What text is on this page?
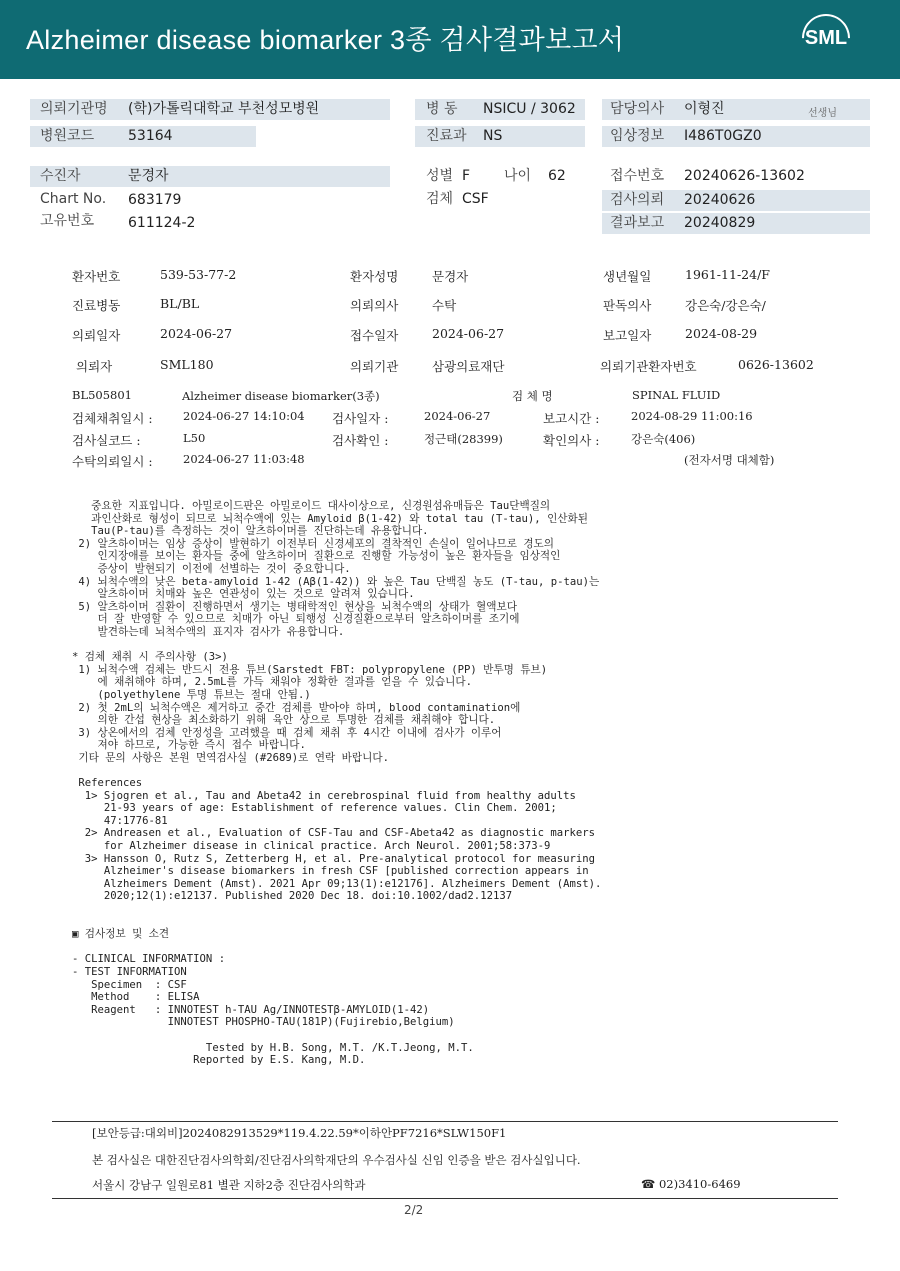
Alzheimer disease biomarker 3종 검사결과보고서	SML
의뢰기관명 (학)가톨릭대학교 부천성모병원	병 동 NSICU / 3062 담당의사 이형진	선생님
병원코드 53164	진료과 NS	임상정보 I486T0GZ0
수진자	문경자	성별 F 나이 62	접수번호 20240626-13602
Chart No. 683179	검체 CSF	검사의뢰 20240626
고유번호 611124-2	결과보고 20240829
환자번호	539-53-77-2	환자성명	문경자	생년월일	1961-11-24/F
진료병동	BL/BL	의뢰의사	수탁	판독의사	강은숙/강은숙/
의뢰일자	2024-06-27	접수일자	2024-06-27	보고일자	2024-08-29
의뢰자	SML180	의뢰기관	삼광의료재단	의뢰기관환자번호	0626-13602
BL505801	Alzheimer disease biomarker(3종)	검 체 명	SPINAL FLUID
검체채취일시 :	2024-06-27 14:10:04 검사일자 :	2024-06-27	보고시간 :	2024-08-29 11:00:16
검사실코드 :	L50	검사확인 :	정근태(28399)	확인의사 :	강은숙(406)
수탁의뢰일시 :	2024-06-27 11:03:48	(전자서명 대체함)
중요한 지표입니다. 아밀로이드판은 아밀로이드 대사이상으로, 신경원섬유매듭은 Tau단백질의
과인산화로 형성이 되므로 뇌척수액에 있는 Amyloid β(1-42) 와 total tau (T-tau), 인산화된
Tau(P-tau)를 측정하는 것이 알츠하이머를 진단하는데 유용합니다.
2) 알츠하이머는 임상 증상이 발현하기 이전부터 신경세포의 결착적인 손실이 일어나므로 경도의
인지장애를 보이는 환자들 중에 알츠하이머 질환으로 진행할 가능성이 높은 환자들을 임상적인
증상이 발현되기 이전에 선별하는 것이 중요합니다.
4) 뇌척수액의 낮은 beta-amyloid 1-42 (Aβ(1-42)) 와 높은 Tau 단백질 농도 (T-tau, p-tau)는
알츠하이머 치매와 높은 연관성이 있는 것으로 알려져 있습니다.
5) 알츠하이머 질환이 진행하면서 생기는 병태학적인 현상을 뇌척수액의 상태가 혈액보다
더 잘 반영할 수 있으므로 치매가 아닌 퇴행성 신경질환으로부터 알츠하이머를 조기에
발견하는데 뇌척수액의 표지자 검사가 유용합니다.

* 검체 채취 시 주의사항 (3>)
1) 뇌척수액 검체는 반드시 전용 튜브(Sarstedt FBT: polypropylene (PP) 반투명 튜브)
에 채취해야 하며, 2.5mL를 가득 채워야 정확한 결과를 얻을 수 있습니다.
(polyethylene 투명 튜브는 절대 안됨.)
2) 첫 2mL의 뇌척수액은 제거하고 중간 검체를 받아야 하며, blood contamination에
의한 간섭 현상을 최소화하기 위해 육안 상으로 투명한 검체를 채취해야 합니다.
3) 상온에서의 검체 안정성을 고려했을 때 검체 채취 후 4시간 이내에 검사가 이루어
져야 하므로, 가능한 즉시 접수 바랍니다.
기타 문의 사항은 본원 면역검사실 (#2689)로 연락 바랍니다.

References
1> Sjogren et al., Tau and Abeta42 in cerebrospinal fluid from healthy adults
21-93 years of age: Establishment of reference values. Clin Chem. 2001;
47:1776-81
2> Andreasen et al., Evaluation of CSF-Tau and CSF-Abeta42 as diagnostic markers
for Alzheimer disease in clinical practice. Arch Neurol. 2001;58:373-9
3> Hansson O, Rutz S, Zetterberg H, et al. Pre-analytical protocol for measuring
Alzheimer's disease biomarkers in fresh CSF [published correction appears in
Alzheimers Dement (Amst). 2021 Apr 09;13(1):e12176]. Alzheimers Dement (Amst).
2020;12(1):e12137. Published 2020 Dec 18. doi:10.1002/dad2.12137

▣ 검사정보 및 소견

- CLINICAL INFORMATION :
- TEST INFORMATION
Specimen  : CSF
Method    : ELISA
Reagent   : INNOTEST h-TAU Ag/INNOTESTβ-AMYLOID(1-42)
INNOTEST PHOSPHO-TAU(181P)(Fujirebio,Belgium)

Tested by H.B. Song, M.T. /K.T.Jeong, M.T.
Reported by E.S. Kang, M.D.
[보안등급:대외비]2024082913529*119.4.22.59*이하안PF7216*SLW150F1
본 검사실은 대한진단검사의학회/진단검사의학재단의 우수검사실 신임 인증을 받은 검사실입니다.
서울시 강남구 일원로81 별관 지하2층 진단검사의학과	☎ 02)3410-6469
2/2
